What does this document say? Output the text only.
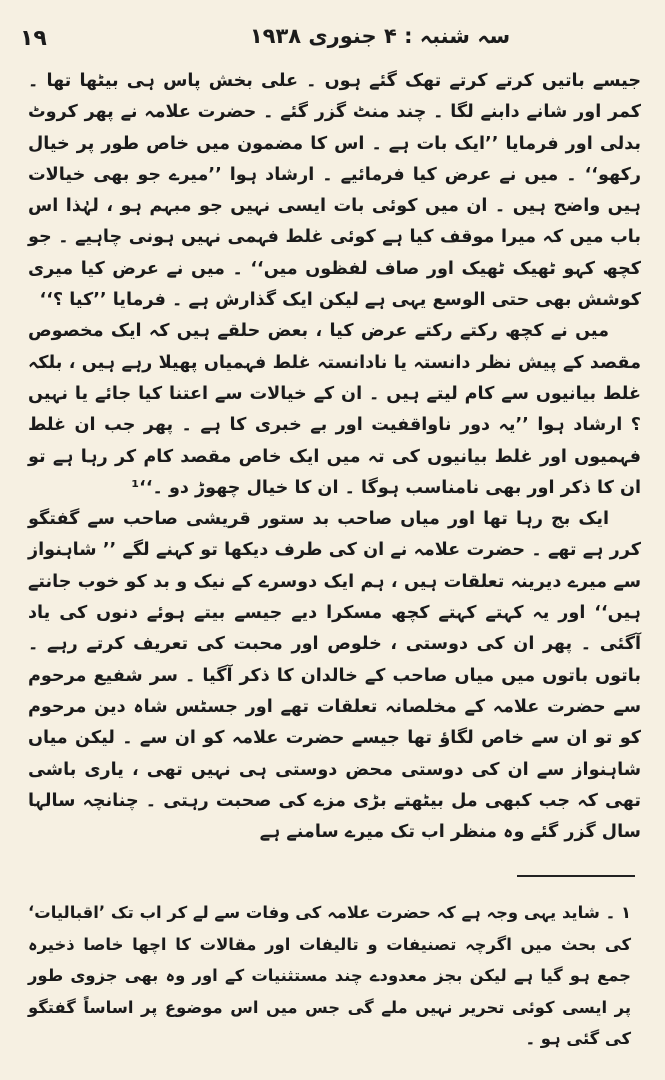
١٩	سہ شنبہ : ۴ جنوری ۱۹۳۸

جیسے باتیں کرتے کرتے تھک گئے ہوں ۔ علی بخش پاس ہی بیٹھا تھا ۔ کمر اور شانے دابنے لگا ۔ چند منٹ گزر گئے ۔ حضرت علامہ نے پھر کروٹ بدلی اور فرمایا ’’ایک بات ہے ۔ اس کا مضمون میں خاص طور پر خیال رکھو‘‘ ۔ میں نے عرض کیا فرمائیے ۔ ارشاد ہوا ’’میرے جو بھی خیالات ہیں واضح ہیں ۔ ان میں کوئی بات ایسی نہیں جو مبہم ہو ، لہٰذا اس باب میں کہ میرا موقف کیا ہے کوئی غلط فہمی نہیں ہونی چاہیے ۔ جو کچھ کہو ٹھیک ٹھیک اور صاف لفظوں میں‘‘ ۔ میں نے عرض کیا میری کوشش بھی حتی الوسع یہی ہے لیکن ایک گذارش ہے ۔ فرمایا ’’کیا ؟‘‘

میں نے کچھ رکتے رکتے عرض کیا ، بعض حلقے ہیں کہ ایک مخصوص مقصد کے پیش نظر دانستہ یا نادانستہ غلط فہمیاں پھیلا رہے ہیں ، بلکہ غلط بیانیوں سے کام لیتے ہیں ۔ ان کے خیالات سے اعتنا کیا جائے یا نہیں ؟ ارشاد ہوا ’’یہ دور ناواقفیت اور بے خبری کا ہے ۔ پھر جب ان غلط فہمیوں اور غلط بیانیوں کی تہ میں ایک خاص مقصد کام کر رہا ہے تو ان کا ذکر اور بھی نامناسب ہوگا ۔ ان کا خیال چھوڑ دو ۔‘‘¹

ایک بج رہا تھا اور میاں صاحب بد ستور قریشی صاحب سے گفتگو کرر ہے تھے ۔ حضرت علامہ نے ان کی طرف دیکھا تو کہنے لگے ’’ شاہنواز سے میرے دیرینہ تعلقات ہیں ، ہم ایک دوسرے کے نیک و بد کو خوب جانتے ہیں‘‘ اور یہ کہتے کہتے کچھ مسکرا دیے جیسے بیتے ہوئے دنوں کی یاد آگئی ۔ پھر ان کی دوستی ، خلوص اور محبت کی تعریف کرتے رہے ۔ باتوں باتوں میں میاں صاحب کے خالدان کا ذکر آگیا ۔ سر شفیع مرحوم سے حضرت علامہ کے مخلصانہ تعلقات تھے اور جسٹس شاہ دین مرحوم کو تو ان سے خاص لگاؤ تھا جیسے حضرت علامہ کو ان سے ۔ لیکن میاں شاہنواز سے ان کی دوستی محض دوستی ہی نہیں تھی ، یاری باشی تھی کہ جب کبھی مل بیٹھتے بڑی مزے کی صحبت رہتی ۔ چنانچہ سالہا سال گزر گئے وہ منظر اب تک میرے سامنے ہے

۱ ۔ شاید یہی وجہ ہے کہ حضرت علامہ کی وفات سے لے کر اب تک ’اقبالیات‘ کی بحث میں اگرچہ تصنیفات و تالیفات اور مقالات کا اچھا خاصا ذخیرہ جمع ہو گیا ہے لیکن بجز معدودے چند مستثنیات کے اور وہ بھی جزوی طور پر ایسی کوئی تحریر نہیں ملے گی جس میں اس موضوع پر اساساً گفتگو کی گئی ہو ۔
